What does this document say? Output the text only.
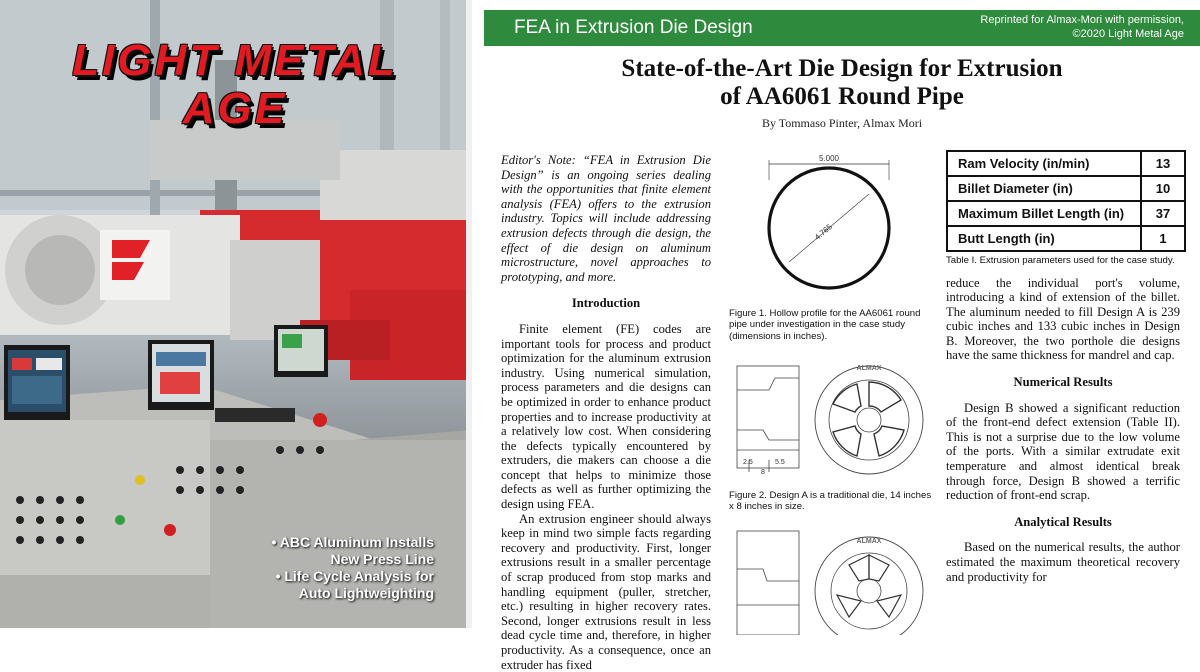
LIGHT METAL
AGE
• ABC Aluminum Installs
New Press Line
• Life Cycle Analysis for
Auto Lightweighting
FEA in Extrusion Die Design	Reprinted for Almax-Mori with permission,
©2020 Light Metal Age
State-of-the-Art Die Design for Extrusion
of AA6061 Round Pipe
By Tommaso Pinter, Almax Mori

Editor's Note: “FEA in Extrusion Die Design” is an ongoing series dealing with the opportunities that finite element analysis (FEA) offers to the extrusion industry. Topics will include addressing extrusion defects through die design, the effect of die design on aluminum microstructure, novel approaches to prototyping, and more.

Introduction

Finite element (FE) codes are important tools for process and product optimization for the aluminum extrusion industry. Using numerical simulation, process parameters and die designs can be optimized in order to enhance product properties and to increase productivity at a relatively low cost. When considering the defects typically encountered by extruders, die makers can choose a die concept that helps to minimize those defects as well as further optimizing the design using FEA.

An extrusion engineer should always keep in mind two simple facts regarding recovery and productivity. First, longer extrusions result in a smaller percentage of scrap produced from stop marks and handling equipment (puller, stretcher, etc.) resulting in higher recovery rates. Second, longer extrusions result in less dead cycle time and, therefore, in higher productivity. As a consequence, once an extruder has fixed

5.000
4.765

Figure 1. Hollow profile for the AA6061 round pipe under investigation in the case study (dimensions in inches).

2.5	5.5
8
ALMAX

Figure 2. Design A is a traditional die, 14 inches x 8 inches in size.

ALMAX
Ram Velocity (in/min)	13
Billet Diameter (in)	10
Maximum Billet Length (in)	37
Butt Length (in)	1

Table I. Extrusion parameters used for the case study.

reduce the individual port's volume, introducing a kind of extension of the billet. The aluminum needed to fill Design A is 239 cubic inches and 133 cubic inches in Design B. Moreover, the two porthole die designs have the same thickness for mandrel and cap.

Numerical Results

Design B showed a significant reduction of the front-end defect extension (Table II). This is not a surprise due to the low volume of the ports. With a similar extrudate exit temperature and almost identical break through force, Design B showed a terrific reduction of front-end scrap.

Analytical Results

Based on the numerical results, the author estimated the maximum theoretical recovery and productivity for
